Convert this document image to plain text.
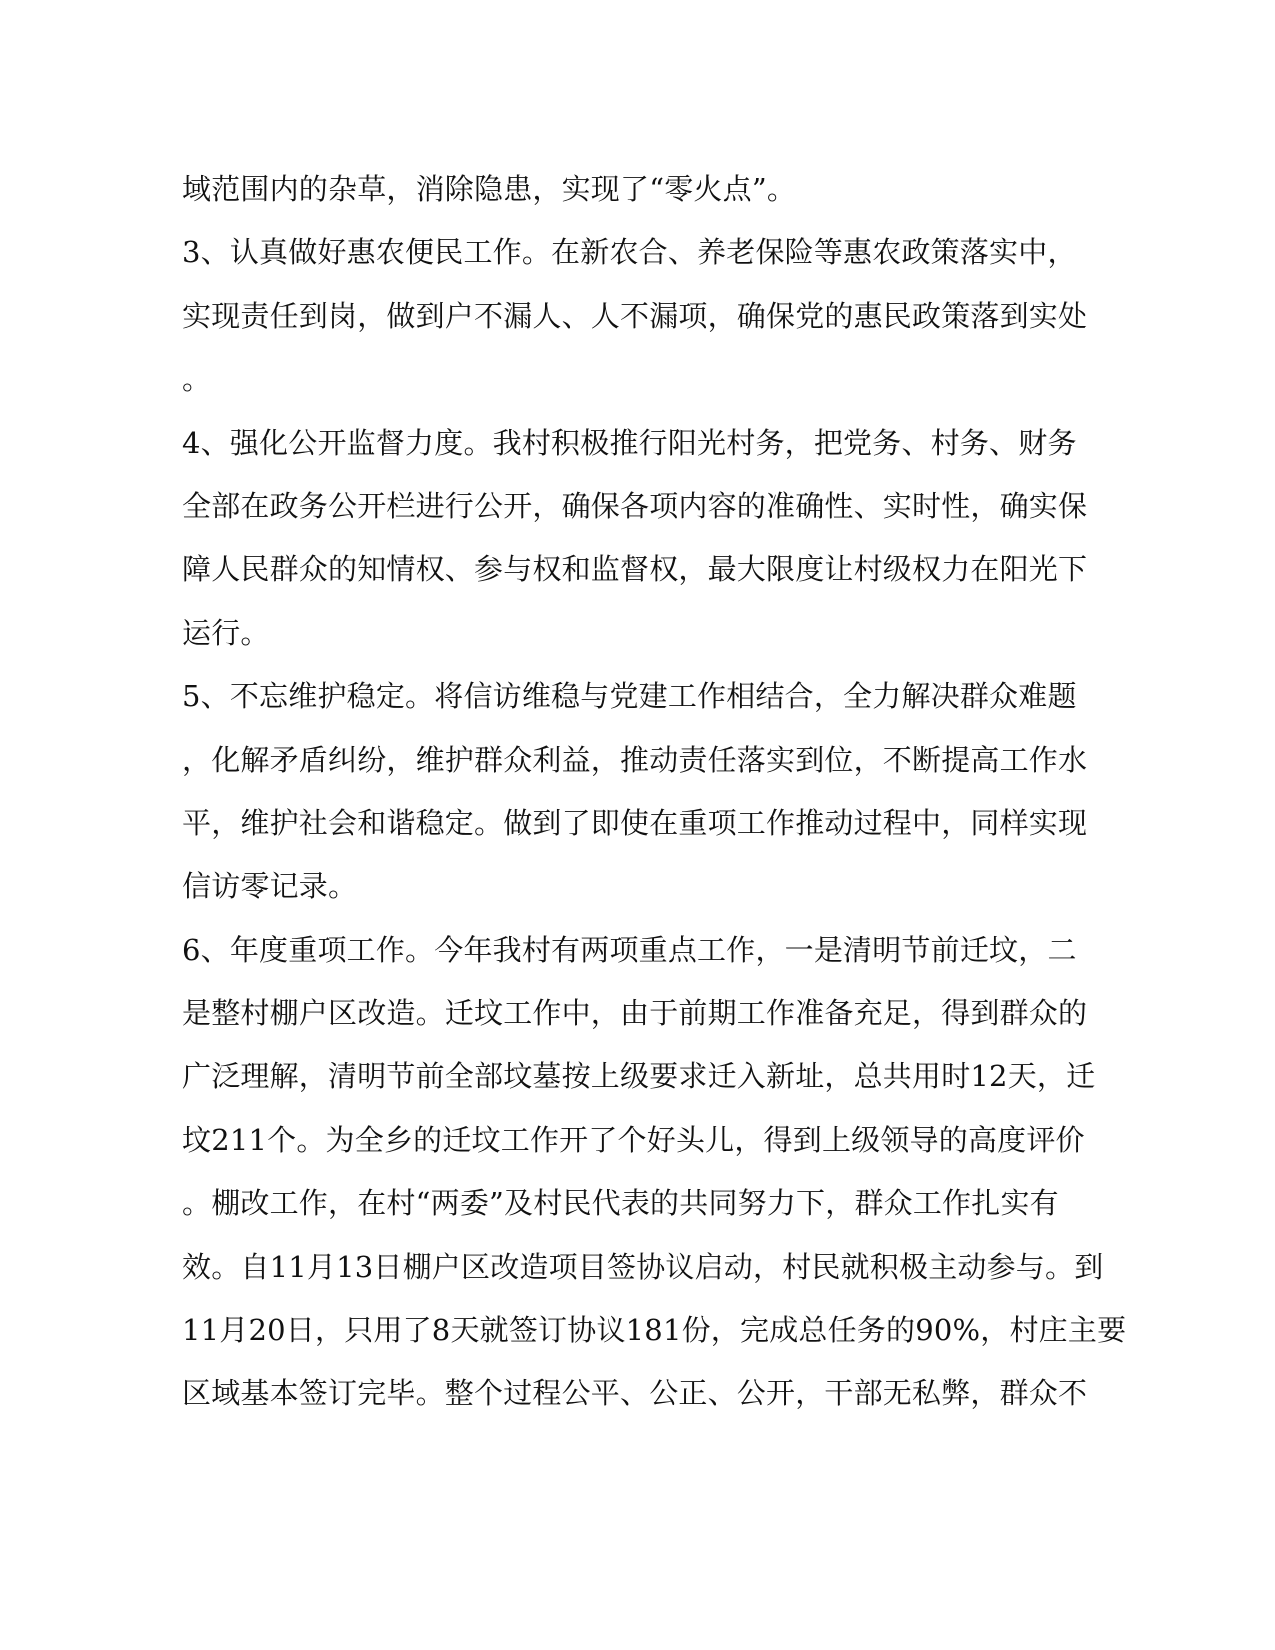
域范围内的杂草，消除隐患，实现了“零火点”。
3、认真做好惠农便民工作。在新农合、养老保险等惠农政策落实中，
实现责任到岗，做到户不漏人、人不漏项，确保党的惠民政策落到实处
。
4、强化公开监督力度。我村积极推行阳光村务，把党务、村务、财务
全部在政务公开栏进行公开，确保各项内容的准确性、实时性，确实保
障人民群众的知情权、参与权和监督权，最大限度让村级权力在阳光下
运行。
5、不忘维护稳定。将信访维稳与党建工作相结合，全力解决群众难题
，化解矛盾纠纷，维护群众利益，推动责任落实到位，不断提高工作水
平，维护社会和谐稳定。做到了即使在重项工作推动过程中，同样实现
信访零记录。
6、年度重项工作。今年我村有两项重点工作，一是清明节前迁坟，二
是整村棚户区改造。迁坟工作中，由于前期工作准备充足，得到群众的
广泛理解，清明节前全部坟墓按上级要求迁入新址，总共用时12天，迁
坟211个。为全乡的迁坟工作开了个好头儿，得到上级领导的高度评价
。棚改工作，在村“两委”及村民代表的共同努力下，群众工作扎实有
效。自11月13日棚户区改造项目签协议启动，村民就积极主动参与。到
11月20日，只用了8天就签订协议181份，完成总任务的90%，村庄主要
区域基本签订完毕。整个过程公平、公正、公开，干部无私弊，群众不
